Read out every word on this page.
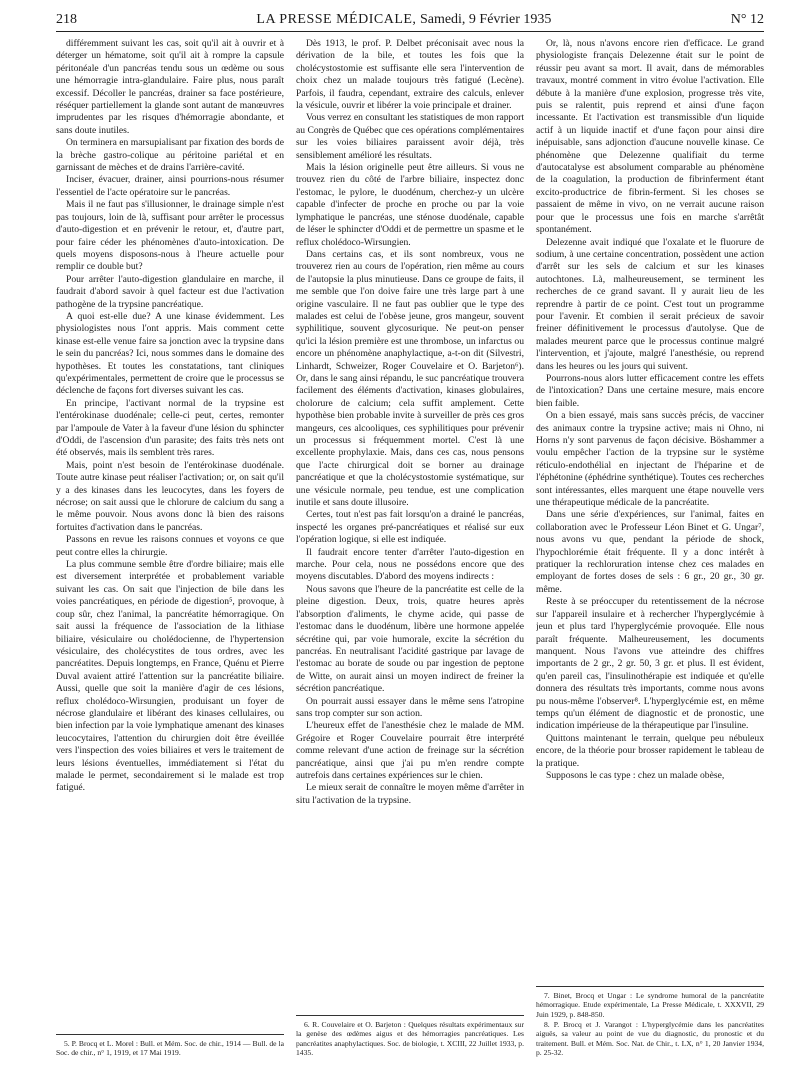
218	LA PRESSE MÉDICALE, Samedi, 9 Février 1935	N° 12

différemment suivant les cas, soit qu'il ait à ouvrir et à déterger un hématome, soit qu'il ait à rompre la capsule péritonéale d'un pancréas tendu sous un œdème ou sous une hémorragie intra-glandulaire. Faire plus, nous paraît excessif. Décoller le pancréas, drainer sa face postérieure, réséquer partiellement la glande sont autant de manœuvres imprudentes par les risques d'hémorragie abondante, et sans doute inutiles.

On terminera en marsupialisant par fixation des bords de la brèche gastro-colique au péritoine pariétal et en garnissant de mèches et de drains l'arrière-cavité.

Inciser, évacuer, drainer, ainsi pourrions-nous résumer l'essentiel de l'acte opératoire sur le pancréas.

Mais il ne faut pas s'illusionner, le drainage simple n'est pas toujours, loin de là, suffisant pour arrêter le processus d'auto-digestion et en prévenir le retour, et, d'autre part, pour faire céder les phénomènes d'auto-intoxication. De quels moyens disposons-nous à l'heure actuelle pour remplir ce double but?

Pour arrêter l'auto-digestion glandulaire en marche, il faudrait d'abord savoir à quel facteur est due l'activation pathogène de la trypsine pancréatique.

A quoi est-elle due? A une kinase évidemment. Les physiologistes nous l'ont appris. Mais comment cette kinase est-elle venue faire sa jonction avec la trypsine dans le sein du pancréas? Ici, nous sommes dans le domaine des hypothèses. Et toutes les constatations, tant cliniques qu'expérimentales, permettent de croire que le processus se déclenche de façons fort diverses suivant les cas.

En principe, l'activant normal de la trypsine est l'entérokinase duodénale; celle-ci peut, certes, remonter par l'ampoule de Vater à la faveur d'une lésion du sphincter d'Oddi, de l'ascension d'un parasite; des faits très nets ont été observés, mais ils semblent très rares.

Mais, point n'est besoin de l'entérokinase duodénale. Toute autre kinase peut réaliser l'activation; or, on sait qu'il y a des kinases dans les leucocytes, dans les foyers de nécrose; on sait aussi que le chlorure de calcium du sang a le même pouvoir. Nous avons donc là bien des raisons fortuites d'activation dans le pancréas.

Passons en revue les raisons connues et voyons ce que peut contre elles la chirurgie.

La plus commune semble être d'ordre biliaire; mais elle est diversement interprétée et probablement variable suivant les cas. On sait que l'injection de bile dans les voies pancréatiques, en période de digestion⁵, provoque, à coup sûr, chez l'animal, la pancréatite hémorragique. On sait aussi la fréquence de l'association de la lithiase biliaire, vésiculaire ou cholédocienne, de l'hypertension vésiculaire, des cholécystites de tous ordres, avec les pancréatites. Depuis longtemps, en France, Quénu et Pierre Duval avaient attiré l'attention sur la pancréatite biliaire. Aussi, quelle que soit la manière d'agir de ces lésions, reflux cholédoco-Wirsungien, produisant un foyer de nécrose glandulaire et libérant des kinases cellulaires, ou bien infection par la voie lymphatique amenant des kinases leucocytaires, l'attention du chirurgien doit être éveillée vers l'inspection des voies biliaires et vers le traitement de leurs lésions éventuelles, immédiatement si l'état du malade le permet, secondairement si le malade est trop fatigué.

5. P. Brocq et L. Morel : Bull. et Mém. Soc. de chir., 1914 — Bull. de la Soc. de chir., n° 1, 1919, et 17 Mai 1919.

Dès 1913, le prof. P. Delbet préconisait avec nous la dérivation de la bile, et toutes les fois que la cholécystostomie est suffisante elle sera l'intervention de choix chez un malade toujours très fatigué (Lecène). Parfois, il faudra, cependant, extraire des calculs, enlever la vésicule, ouvrir et libérer la voie principale et drainer.

Vous verrez en consultant les statistiques de mon rapport au Congrès de Québec que ces opérations complémentaires sur les voies biliaires paraissent avoir déjà, très sensiblement amélioré les résultats.

Mais la lésion originelle peut être ailleurs. Si vous ne trouvez rien du côté de l'arbre biliaire, inspectez donc l'estomac, le pylore, le duodénum, cherchez-y un ulcère capable d'infecter de proche en proche ou par la voie lymphatique le pancréas, une sténose duodénale, capable de léser le sphincter d'Oddi et de permettre un spasme et le reflux cholédoco-Wirsungien.

Dans certains cas, et ils sont nombreux, vous ne trouverez rien au cours de l'opération, rien même au cours de l'autopsie la plus minutieuse. Dans ce groupe de faits, il me semble que l'on doive faire une très large part à une origine vasculaire. Il ne faut pas oublier que le type des malades est celui de l'obèse jeune, gros mangeur, souvent syphilitique, souvent glycosurique. Ne peut-on penser qu'ici la lésion première est une thrombose, un infarctus ou encore un phénomène anaphylactique, a-t-on dit (Silvestri, Linhardt, Schweizer, Roger Couvelaire et O. Barjeton⁶). Or, dans le sang ainsi répandu, le suc pancréatique trouvera facilement des éléments d'activation, kinases globulaires, cholorure de calcium; cela suffit amplement. Cette hypothèse bien probable invite à surveiller de près ces gros mangeurs, ces alcooliques, ces syphilitiques pour prévenir un processus si fréquemment mortel. C'est là une excellente prophylaxie. Mais, dans ces cas, nous pensons que l'acte chirurgical doit se borner au drainage pancréatique et que la cholécystostomie systématique, sur une vésicule normale, peu tendue, est une complication inutile et sans doute illusoire.

Certes, tout n'est pas fait lorsqu'on a drainé le pancréas, inspecté les organes pré-pancréatiques et réalisé sur eux l'opération logique, si elle est indiquée.

Il faudrait encore tenter d'arrêter l'auto-digestion en marche. Pour cela, nous ne possédons encore que des moyens discutables. D'abord des moyens indirects :

Nous savons que l'heure de la pancréatite est celle de la pleine digestion. Deux, trois, quatre heures après l'absorption d'aliments, le chyme acide, qui passe de l'estomac dans le duodénum, libère une hormone appelée sécrétine qui, par voie humorale, excite la sécrétion du pancréas. En neutralisant l'acidité gastrique par lavage de l'estomac au borate de soude ou par ingestion de peptone de Witte, on aurait ainsi un moyen indirect de freiner la sécrétion pancréatique.

On pourrait aussi essayer dans le même sens l'atropine sans trop compter sur son action.

L'heureux effet de l'anesthésie chez le malade de MM. Grégoire et Roger Couvelaire pourrait être interprété comme relevant d'une action de freinage sur la sécrétion pancréatique, ainsi que j'ai pu m'en rendre compte autrefois dans certaines expériences sur le chien.

Le mieux serait de connaître le moyen même d'arrêter in situ l'activation de la trypsine.

6. R. Couvelaire et O. Barjeton : Quelques résultats expérimentaux sur la genèse des œdèmes aigus et des hémorragies pancréatiques. Les pancréatites anaphylactiques. Soc. de biologie, t. XCIII, 22 Juillet 1933, p. 1435.

Or, là, nous n'avons encore rien d'efficace. Le grand physiologiste français Delezenne était sur le point de réussir peu avant sa mort. Il avait, dans de mémorables travaux, montré comment in vitro évolue l'activation. Elle débute à la manière d'une explosion, progresse très vite, puis se ralentit, puis reprend et ainsi d'une façon incessante. Et l'activation est transmissible d'un liquide actif à un liquide inactif et d'une façon pour ainsi dire inépuisable, sans adjonction d'aucune nouvelle kinase. Ce phénomène que Delezenne qualifiait du terme d'autocatalyse est absolument comparable au phénomène de la coagulation, la production de fibrinferment étant excito-productrice de fibrin-ferment. Si les choses se passaient de même in vivo, on ne verrait aucune raison pour que le processus une fois en marche s'arrêtât spontanément.

Delezenne avait indiqué que l'oxalate et le fluorure de sodium, à une certaine concentration, possèdent une action d'arrêt sur les sels de calcium et sur les kinases autochtones. Là, malheureusement, se terminent les recherches de ce grand savant. Il y aurait lieu de les reprendre à partir de ce point. C'est tout un programme pour l'avenir. Et combien il serait précieux de savoir freiner définitivement le processus d'autolyse. Que de malades meurent parce que le processus continue malgré l'intervention, et j'ajoute, malgré l'anesthésie, ou reprend dans les heures ou les jours qui suivent.

Pourrons-nous alors lutter efficacement contre les effets de l'intoxication? Dans une certaine mesure, mais encore bien faible.

On a bien essayé, mais sans succès précis, de vacciner des animaux contre la trypsine active; mais ni Ohno, ni Horns n'y sont parvenus de façon décisive. Böshammer a voulu empêcher l'action de la trypsine sur le système réticulo-endothélial en injectant de l'héparine et de l'éphétonine (éphédrine synthétique). Toutes ces recherches sont intéressantes, elles marquent une étape nouvelle vers une thérapeutique médicale de la pancréatite.

Dans une série d'expériences, sur l'animal, faites en collaboration avec le Professeur Léon Binet et G. Ungar⁷, nous avons vu que, pendant la période de shock, l'hypochlorémie était fréquente. Il y a donc intérêt à pratiquer la rechloruration intense chez ces malades en employant de fortes doses de sels : 6 gr., 20 gr., 30 gr. même.

Reste à se préoccuper du retentissement de la nécrose sur l'appareil insulaire et à rechercher l'hyperglycémie à jeun et plus tard l'hyperglycémie provoquée. Elle nous paraît fréquente. Malheureusement, les documents manquent. Nous l'avons vue atteindre des chiffres importants de 2 gr., 2 gr. 50, 3 gr. et plus. Il est évident, qu'en pareil cas, l'insulinothérapie est indiquée et qu'elle donnera des résultats très importants, comme nous avons pu nous-même l'observer⁸. L'hyperglycémie est, en même temps qu'un élément de diagnostic et de pronostic, une indication impérieuse de la thérapeutique par l'insuline.

Quittons maintenant le terrain, quelque peu nébuleux encore, de la théorie pour brosser rapidement le tableau de la pratique.

Supposons le cas type : chez un malade obèse,

7. Binet, Brocq et Ungar : Le syndrome humoral de la pancréatite hémorragique. Etude expérimentale, La Presse Médicale, t. XXXVII, 29 Juin 1929, p. 848-850.

8. P. Brocq et J. Varangot : L'hyperglycémie dans les pancréatites aiguës, sa valeur au point de vue du diagnostic, du pronostic et du traitement. Bull. et Mém. Soc. Nat. de Chir., t. LX, n° 1, 20 Janvier 1934, p. 25-32.
